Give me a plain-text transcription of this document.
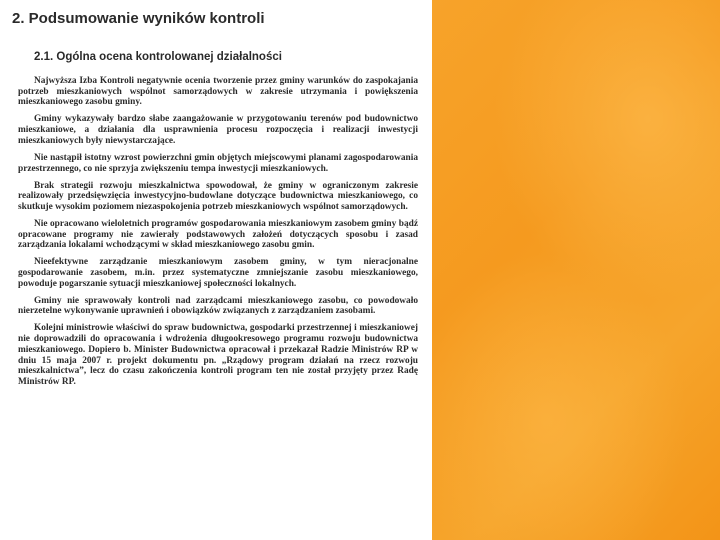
2. Podsumowanie wyników kontroli
2.1. Ogólna ocena kontrolowanej działalności

Najwyższa Izba Kontroli negatywnie ocenia tworzenie przez gminy warunków do zaspokajania potrzeb mieszkaniowych wspólnot samorządowych w zakresie utrzymania i powiększenia mieszkaniowego zasobu gminy.

Gminy wykazywały bardzo słabe zaangażowanie w przygotowaniu terenów pod budownictwo mieszkaniowe, a działania dla usprawnienia procesu rozpoczęcia i realizacji inwestycji mieszkaniowych były niewystarczające.

Nie nastąpił istotny wzrost powierzchni gmin objętych miejscowymi planami zagospodarowania przestrzennego, co nie sprzyja zwiększeniu tempa inwestycji mieszkaniowych.

Brak strategii rozwoju mieszkalnictwa spowodował, że gminy w ograniczonym zakresie realizowały przedsięwzięcia inwestycyjno-budowlane dotyczące budownictwa mieszkaniowego, co skutkuje wysokim poziomem niezaspokojenia potrzeb mieszkaniowych wspólnot samorządowych.

Nie opracowano wieloletnich programów gospodarowania mieszkaniowym zasobem gminy bądź opracowane programy nie zawierały podstawowych założeń dotyczących sposobu i zasad zarządzania lokalami wchodzącymi w skład mieszkaniowego zasobu gmin.

Nieefektywne zarządzanie mieszkaniowym zasobem gminy, w tym nieracjonalne gospodarowanie zasobem, m.in. przez systematyczne zmniejszanie zasobu mieszkaniowego, powoduje pogarszanie sytuacji mieszkaniowej społeczności lokalnych.

Gminy nie sprawowały kontroli nad zarządcami mieszkaniowego zasobu, co powodowało nierzetelne wykonywanie uprawnień i obowiązków związanych z zarządzaniem zasobami.

Kolejni ministrowie właściwi do spraw budownictwa, gospodarki przestrzennej i mieszkaniowej nie doprowadzili do opracowania i wdrożenia długookresowego programu rozwoju budownictwa mieszkaniowego. Dopiero b. Minister Budownictwa opracował i przekazał Radzie Ministrów RP w dniu 15 maja 2007 r. projekt dokumentu pn. „Rządowy program działań na rzecz rozwoju mieszkalnictwa”, lecz do czasu zakończenia kontroli program ten nie został przyjęty przez Radę Ministrów RP.
